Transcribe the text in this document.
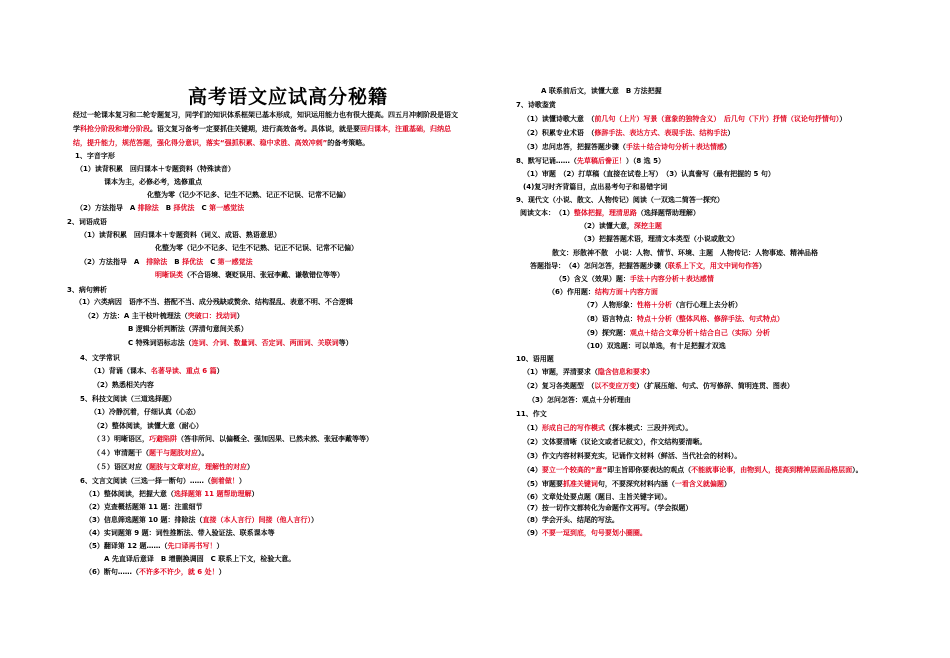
高考语文应试高分秘籍
经过一轮课本复习和二轮专题复习，同学们的知识体系框架已基本形成，知识运用能力也有很大提高。四五月冲刺阶段是语文学科抢分阶段和增分阶段。语文复习备考一定要抓住关键期，进行高效备考。具体说，就是要回归课本，注重基础，归纳总结，提升能力，规范答题，强化得分意识，落实“强抓积累、稳中求胜、高效冲刺”的备考策略。
1、字音字形
（1）读背积累　回归课本＋专题资料（特殊读音）
课本为主，必修必考，选修重点
化整为零（记少不记多、记生不记熟、记正不记误、记常不记偏）
（2）方法指导　A 排除法　B 择优法　C 第一感觉法
2、词语成语
（1）读背积累　回归课本＋专题资料（词义、成语、熟语意思）
化整为零（记少不记多、记生不记熟、记正不记误、记常不记偏）
（2）方法指导　A　排除法　B 择优法　C 第一感觉法
明晰误类（不合语境、褒贬误用、张冠李戴、谦敬错位等等）
3、病句辨析
（1）六类病因　语序不当、搭配不当、成分残缺或赘余、结构混乱、表意不明、不合逻辑
（2）方法：A 主干枝叶梳理法（突破口：找动词）
B 逻辑分析判断法（弄清句意间关系）
C 特殊词语标志法（连词、介词、数量词、否定词、两面词、关联词等）
4、文学常识
（1）背诵（课本、名著导读、重点 6 篇）
（2）熟悉相关内容
5、科技文阅读（三道选择题）
（1）冷静沉着，仔细认真（心态）
（2）整体阅读，读懂大意（耐心）
（３）明晰语区，巧避陷阱（答非所问、以偏概全、强加因果、已然未然、张冠李戴等等）
（４）审清题干（题干与题肢对应）。
（５）语区对应（题肢与文章对应，理解性的对应）
6、文言文阅读（三选一择一断句）……（倒着做！）
（1）整体阅读，把握大意（选择题第 11 题帮助理解）
（2）克查概括题第 11 题：注重细节
（3）信息筛选题第 10 题：排除法（直接（本人言行）间接（他人言行））
（4）实词题第 9 题：词性推断法、带入验证法、联系课本等
（5）翻译第 12 题……（先口译再书写！）
A 先直译后意译　B 增删换调固　C 联系上下文，检验大意。
（6）断句……（不许多不许少，就 6 处！）
A 联系前后文，读懂大意　B 方法把握
7、诗歌鉴赏
（1）读懂诗歌大意　（前几句（上片）写景（意象的独特含义）　后几句（下片）抒情（议论句抒情句））
（2）积累专业术语　（修辞手法、表达方式、表现手法、结构手法）
（3）忠问忠答，把握答题步骤（手法＋结合诗句分析＋表达情感）
8、默写记诵……（先草稿后誊正！）（8 选 5）
（1）审题　（2）打草稿（直接在试卷上写）　（3）认真誊写（最有把握的 5 句）
(4)复习时齐背篇目，点出易考句子和易错字词
9、现代文（小说、散文、人物传记）阅读（一双选二简答一探究）
阅读文本：　（1）整体把握，理清思路（选择题帮助理解）
（2）读懂大意，深挖主题
（3）把握答题术语，理清文本类型（小说或散文）
散文：形散神不散　小说：人物、情节、环境、主题　人物传记：人物事迹、精神品格
答题指导：　（4）怎问怎答，把握答题步骤（联系上下文，用文中词句作答）
（5）含义（效果）题：手法＋内容分析＋表达感情
（6）作用题：结构方面＋内容方面
（7）人物形象：性格＋分析（言行心理上去分析）
（8）语言特点：特点＋分析（整体风格、修辞手法、句式特点）
（9）探究题：观点＋结合文章分析＋结合自己（实际）分析
（10）双选题：可以单选，有十足把握才双选
10、语用题
（1）审题，弄清要求（隐含信息和要求）
（2）复习各类题型　（以不变应万变）（扩展压缩、句式、仿写修辞、简明连贯、图表）
（3）怎问怎答：观点＋分析理由
11、作文
（1）形成自己的写作模式（探本模式：三段并列式）。
（2）文体要清晰（议论文或者记叙文），作文结构要清晰。
（3）作文内容材料要充实，记诵作文材料（鲜活、当代社会的材料）。
（4）要立一个较高的“意”即主旨即你要表达的观点（不能就事论事，由物到人，提高到精神层面品格层面）。
（5）审题要抓准关键词句，不要深究材料内涵（一看含义就偏题）
（6）文章处处要点题（题目、主旨关键字词）。
（7）按一切作文都转化为命题作文再写。（学会拟题）
（8）学会开头、结尾的写法。
（9）不要一逗到底，句号要划小圈圈。
